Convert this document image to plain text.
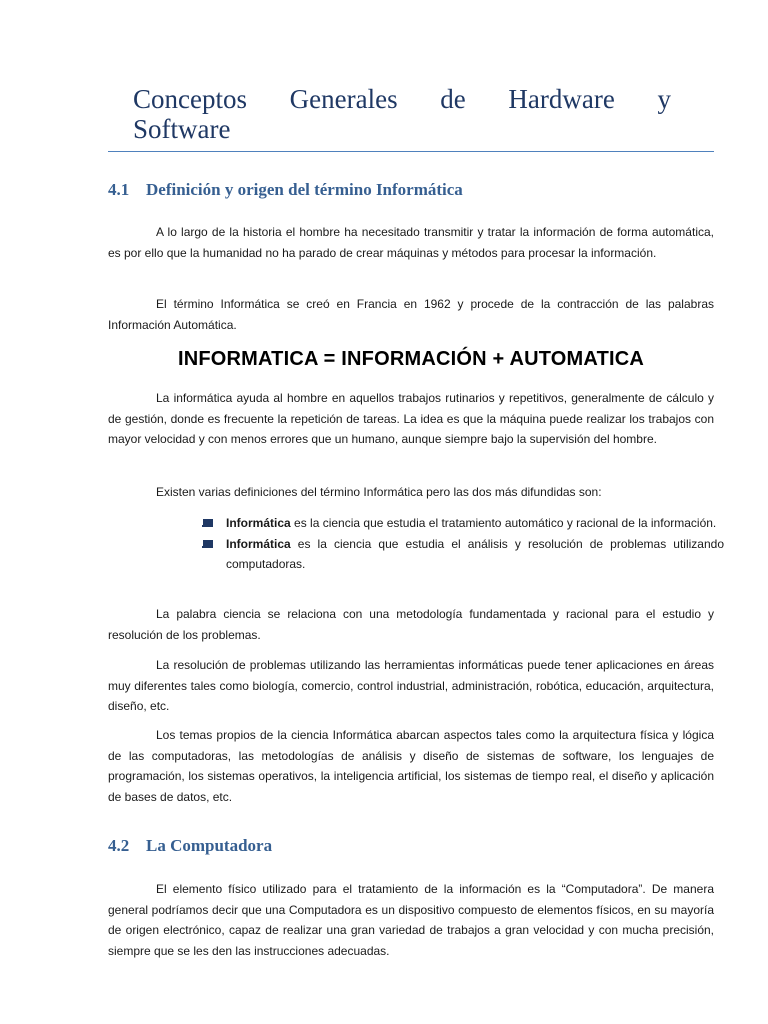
Conceptos Generales de Hardware y
Software
4.1 Definición y origen del término Informática

A lo largo de la historia el hombre ha necesitado transmitir y tratar la información de forma automática, es por ello que la humanidad no ha parado de crear máquinas y métodos para procesar la información.

El término Informática se creó en Francia en 1962 y procede de la contracción de las palabras Información Automática.

INFORMATICA = INFORMACIÓN + AUTOMATICA

La informática ayuda al hombre en aquellos trabajos rutinarios y repetitivos, generalmente de cálculo y de gestión, donde es frecuente la repetición de tareas. La idea es que la máquina puede realizar los trabajos con mayor velocidad y con menos errores que un humano, aunque siempre bajo la supervisión del hombre.

Existen varias definiciones del término Informática pero las dos más difundidas son:

Informática es la ciencia que estudia el tratamiento automático y racional de la información.
Informática es la ciencia que estudia el análisis y resolución de problemas utilizando computadoras.

La palabra ciencia se relaciona con una metodología fundamentada y racional para el estudio y resolución de los problemas.

La resolución de problemas utilizando las herramientas informáticas puede tener aplicaciones en áreas muy diferentes tales como biología, comercio, control industrial, administración, robótica, educación, arquitectura, diseño, etc.

Los temas propios de la ciencia Informática abarcan aspectos tales como la arquitectura física y lógica de las computadoras, las metodologías de análisis y diseño de sistemas de software, los lenguajes de programación, los sistemas operativos, la inteligencia artificial, los sistemas de tiempo real, el diseño y aplicación de bases de datos, etc.

4.2 La Computadora

El elemento físico utilizado para el tratamiento de la información es la “Computadora”. De manera general podríamos decir que una Computadora es un dispositivo compuesto de elementos físicos, en su mayoría de origen electrónico, capaz de realizar una gran variedad de trabajos a gran velocidad y con mucha precisión, siempre que se les den las instrucciones adecuadas.
